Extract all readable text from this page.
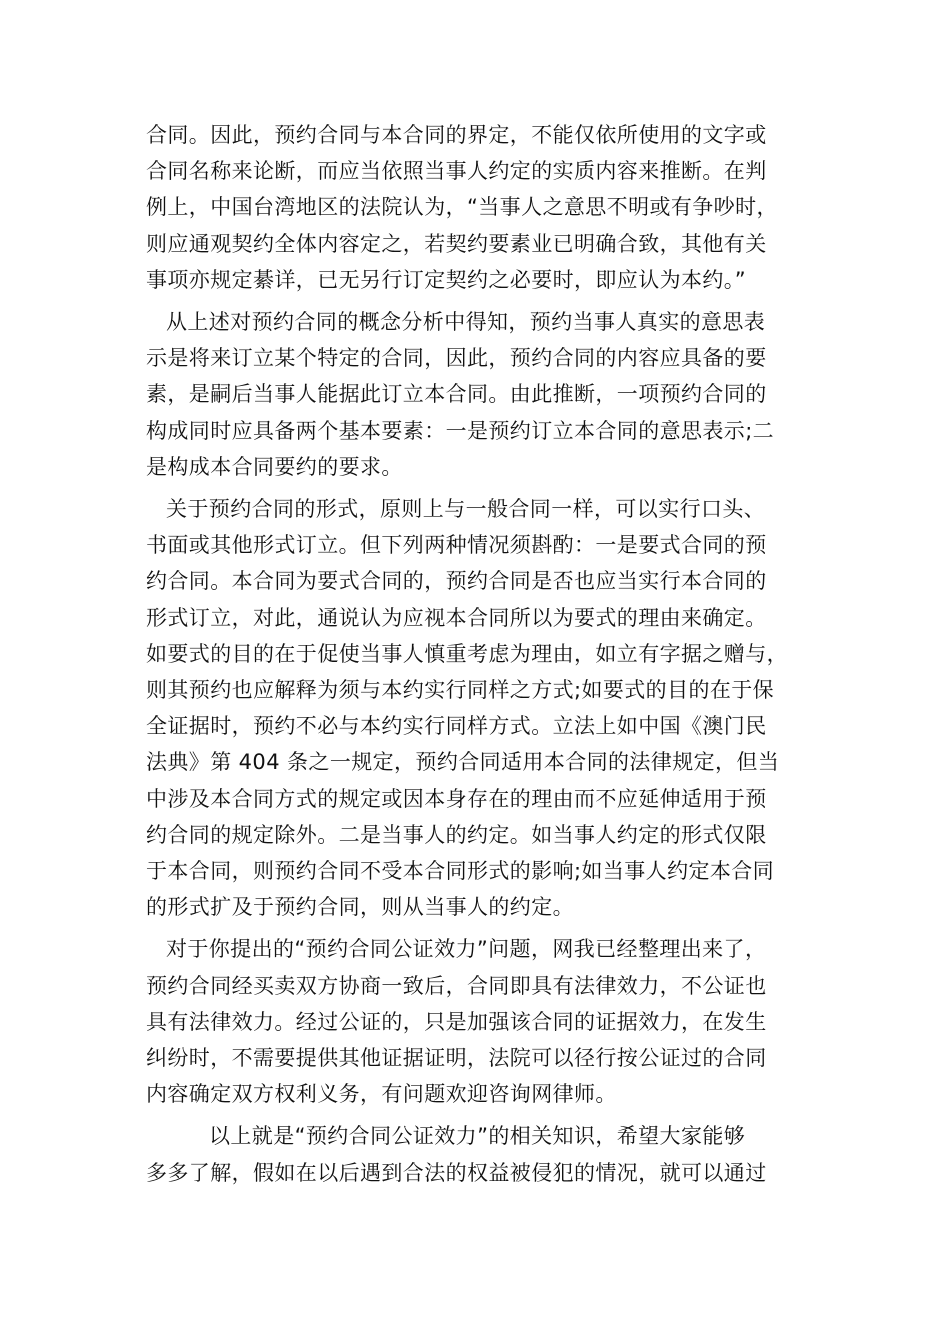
合同。因此，预约合同与本合同的界定，不能仅依所使用的文字或
合同名称来论断，而应当依照当事人约定的实质内容来推断。在判
例上，中国台湾地区的法院认为，“当事人之意思不明或有争吵时，
则应通观契约全体内容定之，若契约要素业已明确合致，其他有关
事项亦规定綦详，已无另行订定契约之必要时，即应认为本约。”
从上述对预约合同的概念分析中得知，预约当事人真实的意思表
示是将来订立某个特定的合同，因此，预约合同的内容应具备的要
素，是嗣后当事人能据此订立本合同。由此推断，一项预约合同的
构成同时应具备两个基本要素：一是预约订立本合同的意思表示;二
是构成本合同要约的要求。
关于预约合同的形式，原则上与一般合同一样，可以实行口头、
书面或其他形式订立。但下列两种情况须斟酌：一是要式合同的预
约合同。本合同为要式合同的，预约合同是否也应当实行本合同的
形式订立，对此，通说认为应视本合同所以为要式的理由来确定。
如要式的目的在于促使当事人慎重考虑为理由，如立有字据之赠与，
则其预约也应解释为须与本约实行同样之方式;如要式的目的在于保
全证据时，预约不必与本约实行同样方式。立法上如中国《澳门民
法典》第 404 条之一规定，预约合同适用本合同的法律规定，但当
中涉及本合同方式的规定或因本身存在的理由而不应延伸适用于预
约合同的规定除外。二是当事人的约定。如当事人约定的形式仅限
于本合同，则预约合同不受本合同形式的影响;如当事人约定本合同
的形式扩及于预约合同，则从当事人的约定。
对于你提出的“预约合同公证效力”问题，网我已经整理出来了，
预约合同经买卖双方协商一致后，合同即具有法律效力，不公证也
具有法律效力。经过公证的，只是加强该合同的证据效力，在发生
纠纷时，不需要提供其他证据证明，法院可以径行按公证过的合同
内容确定双方权利义务，有问题欢迎咨询网律师。
以上就是“预约合同公证效力”的相关知识，希望大家能够
多多了解，假如在以后遇到合法的权益被侵犯的情况，就可以通过
